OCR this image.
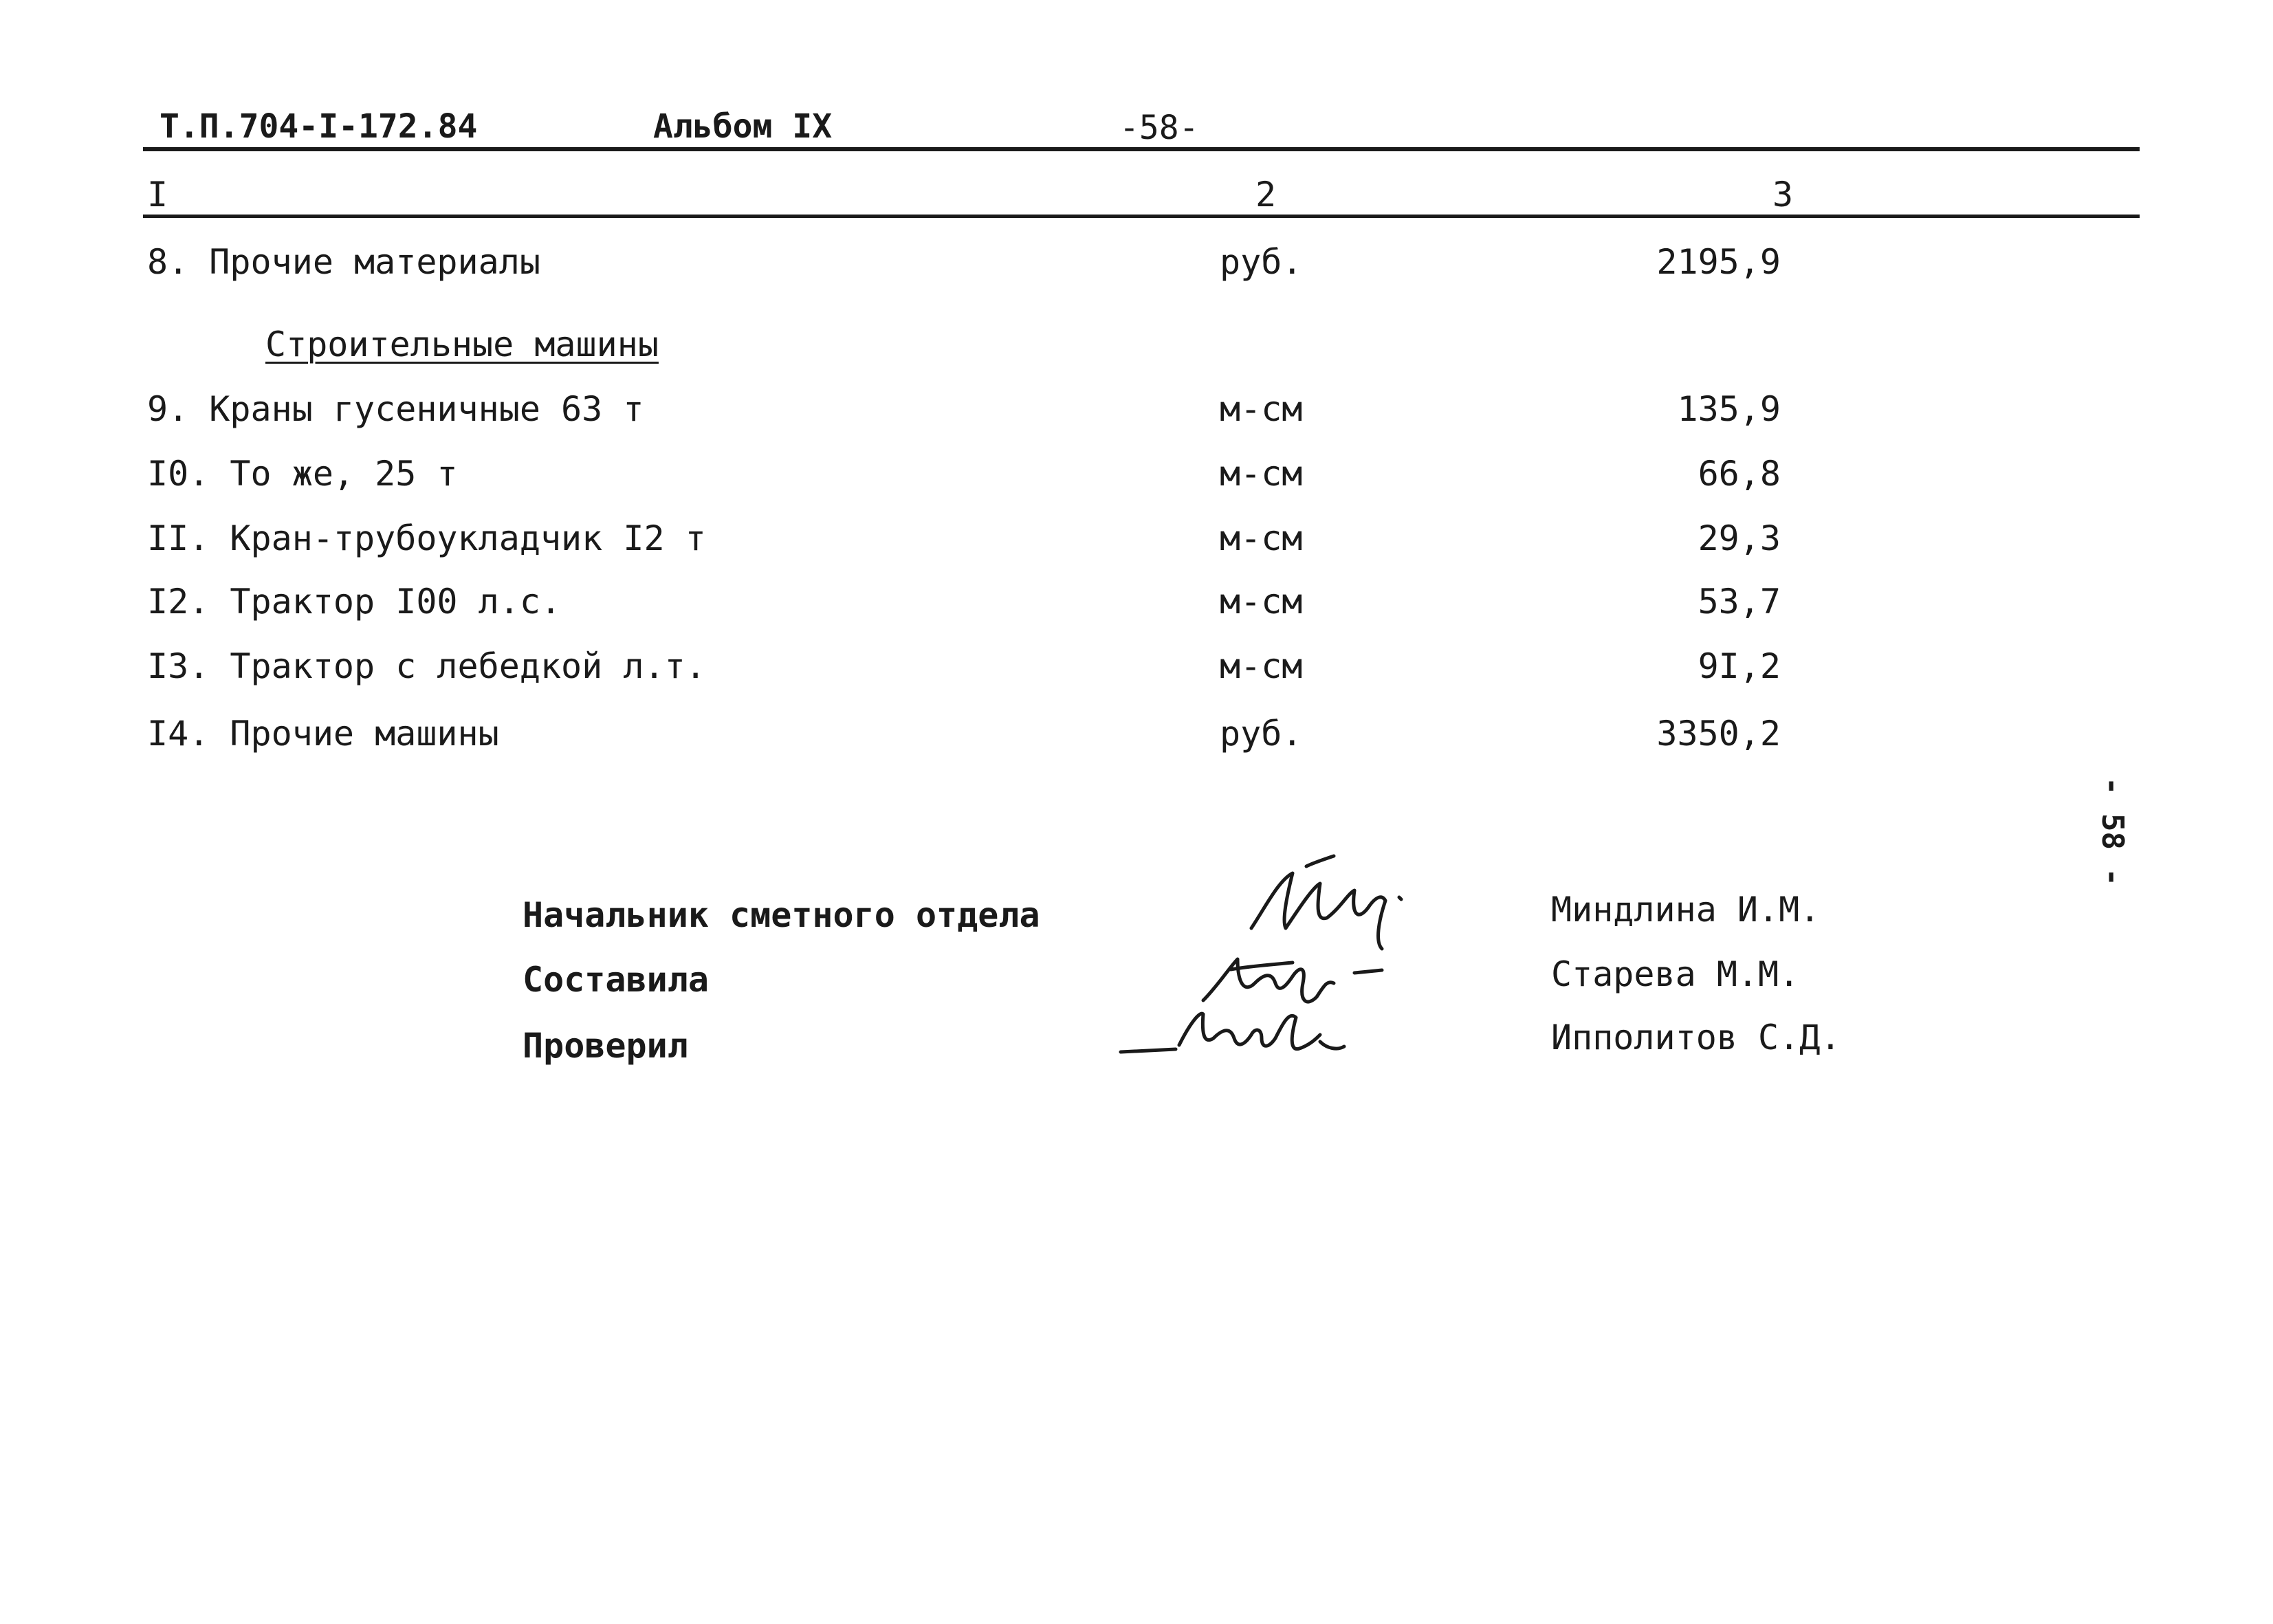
Т.П.704-I-172.84	Альбом IX	-58-
I	2	3
8. Прочие материалы	руб.	2195,9
Строительные машины
9. Краны гусеничные 63 т	м-см	135,9
I0. То же, 25 т	м-см	66,8
II. Кран-трубоукладчик I2 т	м-см	29,3
I2. Трактор I00 л.с.	м-см	53,7
I3. Трактор с лебедкой л.т.	м-см	9I,2
I4. Прочие машины	руб.	3350,2
Начальник сметного отдела	Миндлина И.М.
Составила	Старева М.М.
Проверил	Ипполитов С.Д.
- 58 -
